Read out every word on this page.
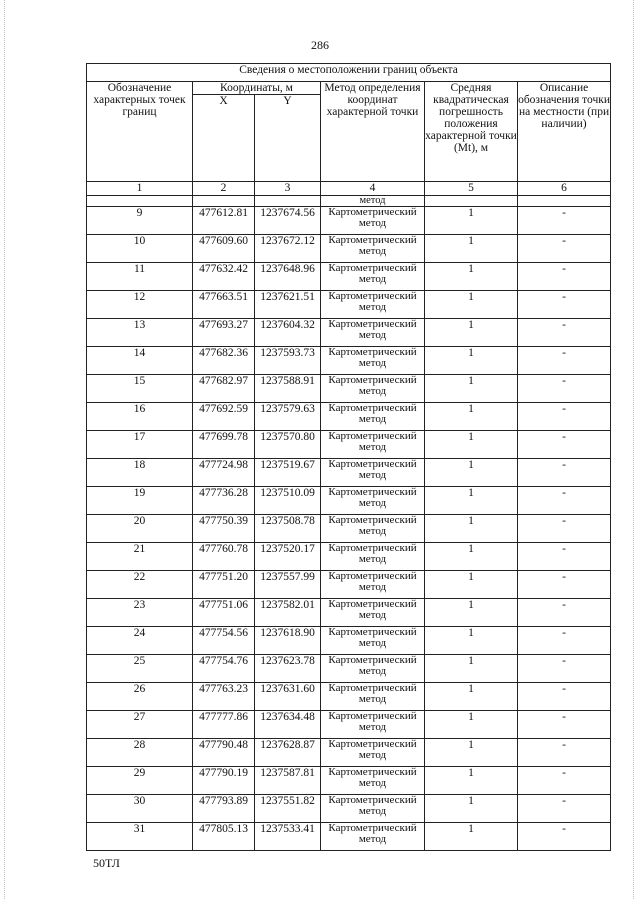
286
Сведения о местоположении границ объекта					
Обозначение характерных точек границ	Координаты, м		Метод определения координат характерной точки	Средняя квадратическая погрешность положения характерной точки (Mt), м	Описание обозначения точки на местности (при наличии)
	X	Y			
1	2	3	4	5	6
			метод		
9	477612.81	1237674.56	Картометрический метод	1	-
10	477609.60	1237672.12	Картометрический метод	1	-
11	477632.42	1237648.96	Картометрический метод	1	-
12	477663.51	1237621.51	Картометрический метод	1	-
13	477693.27	1237604.32	Картометрический метод	1	-
14	477682.36	1237593.73	Картометрический метод	1	-
15	477682.97	1237588.91	Картометрический метод	1	-
16	477692.59	1237579.63	Картометрический метод	1	-
17	477699.78	1237570.80	Картометрический метод	1	-
18	477724.98	1237519.67	Картометрический метод	1	-
19	477736.28	1237510.09	Картометрический метод	1	-
20	477750.39	1237508.78	Картометрический метод	1	-
21	477760.78	1237520.17	Картометрический метод	1	-
22	477751.20	1237557.99	Картометрический метод	1	-
23	477751.06	1237582.01	Картометрический метод	1	-
24	477754.56	1237618.90	Картометрический метод	1	-
25	477754.76	1237623.78	Картометрический метод	1	-
26	477763.23	1237631.60	Картометрический метод	1	-
27	477777.86	1237634.48	Картометрический метод	1	-
28	477790.48	1237628.87	Картометрический метод	1	-
29	477790.19	1237587.81	Картометрический метод	1	-
30	477793.89	1237551.82	Картометрический метод	1	-
31	477805.13	1237533.41	Картометрический метод	1	-
50ТЛ
